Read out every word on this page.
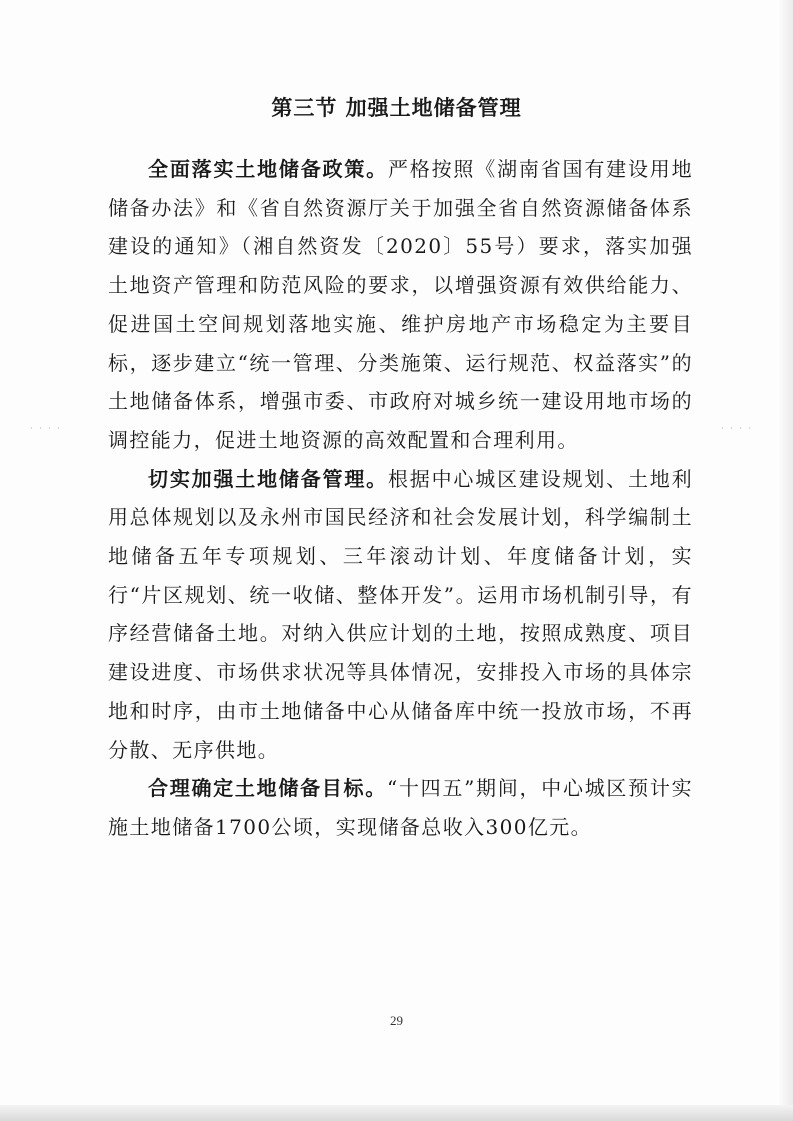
· · · ·	· · · ·
第三节 加强土地储备管理

全面落实土地储备政策。严格按照《湖南省国有建设用地储备办法》和《省自然资源厅关于加强全省自然资源储备体系建设的通知》（湘自然资发〔2020〕55号）要求，落实加强土地资产管理和防范风险的要求，以增强资源有效供给能力、促进国土空间规划落地实施、维护房地产市场稳定为主要目标，逐步建立“统一管理、分类施策、运行规范、权益落实”的土地储备体系，增强市委、市政府对城乡统一建设用地市场的调控能力，促进土地资源的高效配置和合理利用。

切实加强土地储备管理。根据中心城区建设规划、土地利用总体规划以及永州市国民经济和社会发展计划，科学编制土地储备五年专项规划、三年滚动计划、年度储备计划，实行“片区规划、统一收储、整体开发”。运用市场机制引导，有序经营储备土地。对纳入供应计划的土地，按照成熟度、项目建设进度、市场供求状况等具体情况，安排投入市场的具体宗地和时序，由市土地储备中心从储备库中统一投放市场，不再分散、无序供地。

合理确定土地储备目标。“十四五”期间，中心城区预计实施土地储备1700公顷，实现储备总收入300亿元。

29
